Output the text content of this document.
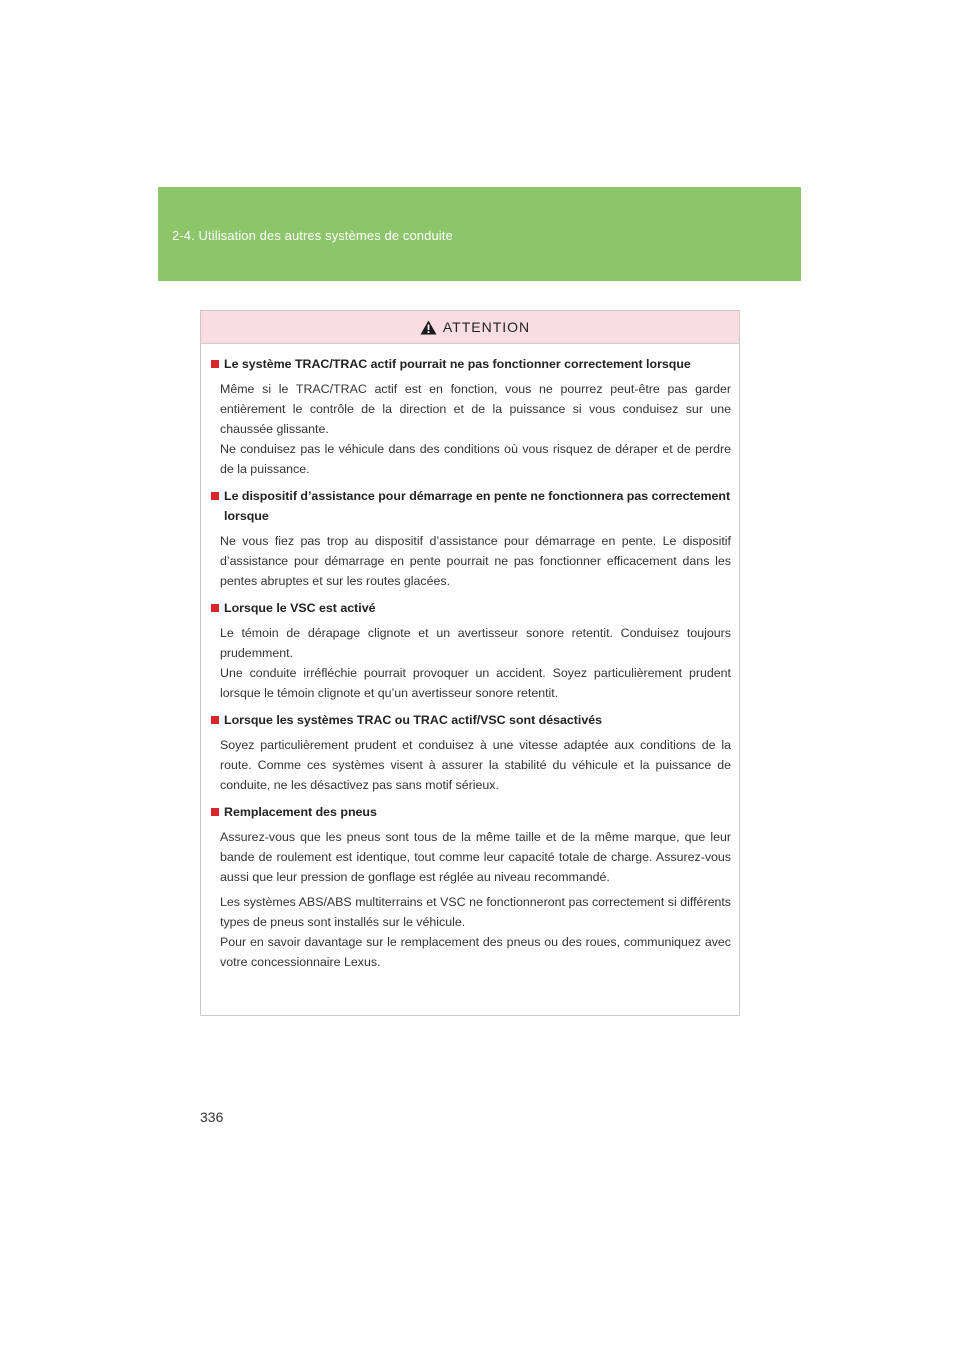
2-4. Utilisation des autres systèmes de conduite
ATTENTION
Le système TRAC/TRAC actif pourrait ne pas fonctionner correctement lorsque

Même si le TRAC/TRAC actif est en fonction, vous ne pourrez peut-être pas garder entièrement le contrôle de la direction et de la puissance si vous conduisez sur une chaussée glissante.

Ne conduisez pas le véhicule dans des conditions où vous risquez de déraper et de perdre de la puissance.

Le dispositif d’assistance pour démarrage en pente ne fonctionnera pas correctement lorsque

Ne vous fiez pas trop au dispositif d’assistance pour démarrage en pente. Le dispositif d’assistance pour démarrage en pente pourrait ne pas fonctionner efficacement dans les pentes abruptes et sur les routes glacées.

Lorsque le VSC est activé

Le témoin de dérapage clignote et un avertisseur sonore retentit. Conduisez toujours prudemment.

Une conduite irréfléchie pourrait provoquer un accident. Soyez particulièrement prudent lorsque le témoin clignote et qu’un avertisseur sonore retentit.

Lorsque les systèmes TRAC ou TRAC actif/VSC sont désactivés

Soyez particulièrement prudent et conduisez à une vitesse adaptée aux conditions de la route. Comme ces systèmes visent à assurer la stabilité du véhicule et la puissance de conduite, ne les désactivez pas sans motif sérieux.

Remplacement des pneus

Assurez-vous que les pneus sont tous de la même taille et de la même marque, que leur bande de roulement est identique, tout comme leur capacité totale de charge. Assurez-vous aussi que leur pression de gonflage est réglée au niveau recommandé.

Les systèmes ABS/ABS multiterrains et VSC ne fonctionneront pas correctement si différents types de pneus sont installés sur le véhicule.

Pour en savoir davantage sur le remplacement des pneus ou des roues, communiquez avec votre concessionnaire Lexus.

336
